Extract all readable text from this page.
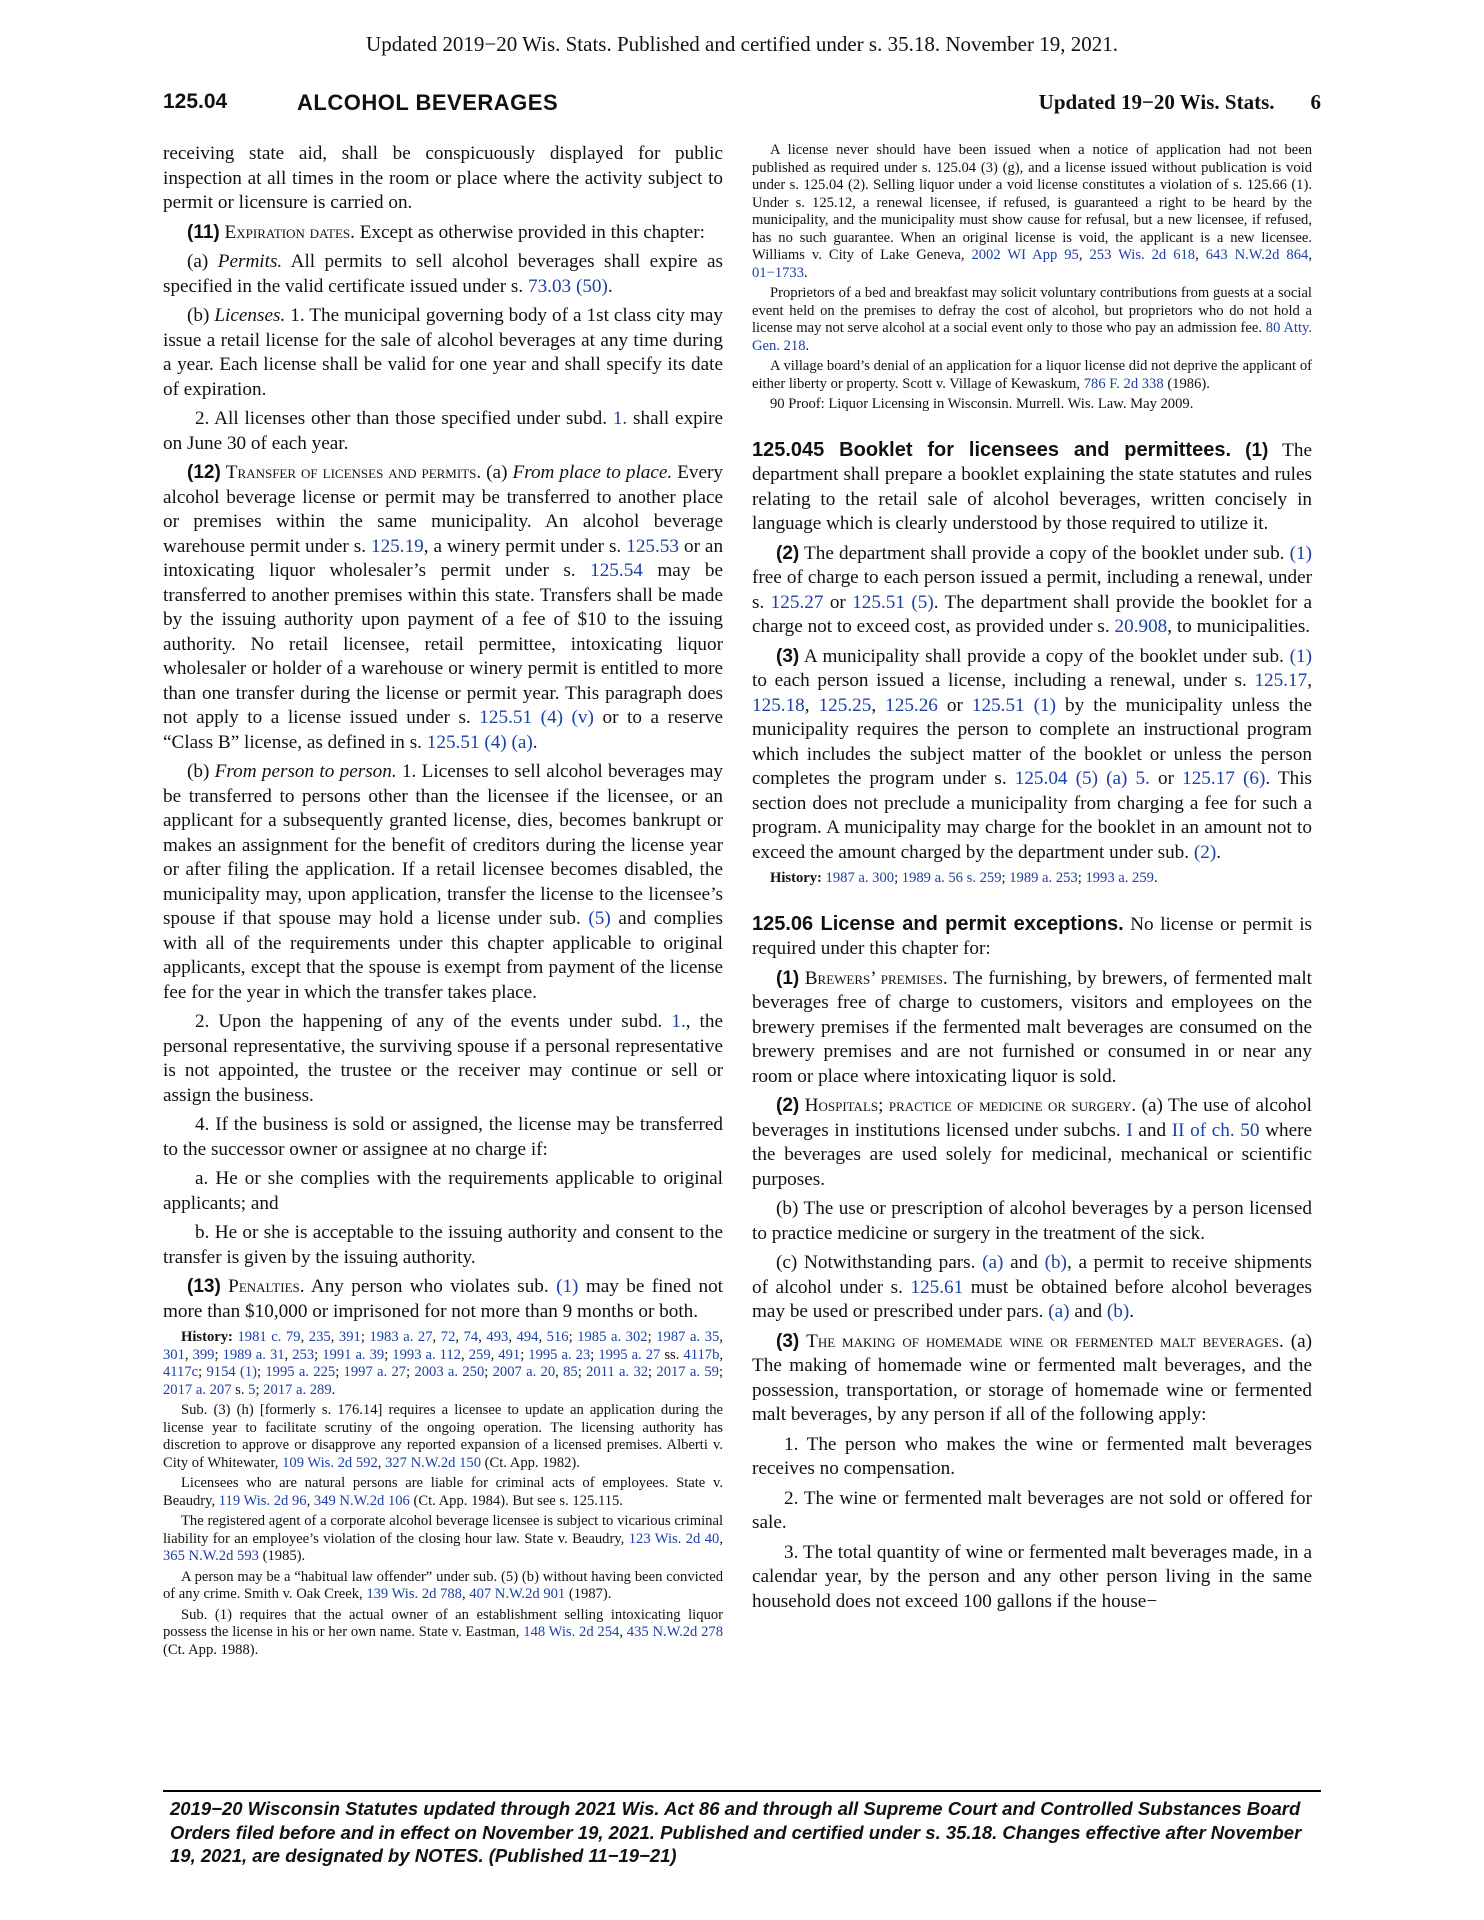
Updated 2019−20 Wis. Stats. Published and certified under s. 35.18. November 19, 2021.
125.04	ALCOHOL BEVERAGES	Updated 19−20 Wis. Stats. 6

receiving state aid, shall be conspicuously displayed for public inspection at all times in the room or place where the activity subject to permit or licensure is carried on.

(11) Expiration dates. Except as otherwise provided in this chapter:

(a) Permits. All permits to sell alcohol beverages shall expire as specified in the valid certificate issued under s. 73.03 (50).

(b) Licenses. 1. The municipal governing body of a 1st class city may issue a retail license for the sale of alcohol beverages at any time during a year. Each license shall be valid for one year and shall specify its date of expiration.

2. All licenses other than those specified under subd. 1. shall expire on June 30 of each year.

(12) Transfer of licenses and permits. (a) From place to place. Every alcohol beverage license or permit may be transferred to another place or premises within the same municipality. An alcohol beverage warehouse permit under s. 125.19, a winery permit under s. 125.53 or an intoxicating liquor wholesaler’s permit under s. 125.54 may be transferred to another premises within this state. Transfers shall be made by the issuing authority upon payment of a fee of $10 to the issuing authority. No retail licensee, retail permittee, intoxicating liquor wholesaler or holder of a warehouse or winery permit is entitled to more than one transfer during the license or permit year. This paragraph does not apply to a license issued under s. 125.51 (4) (v) or to a reserve “Class B” license, as defined in s. 125.51 (4) (a).

(b) From person to person. 1. Licenses to sell alcohol beverages may be transferred to persons other than the licensee if the licensee, or an applicant for a subsequently granted license, dies, becomes bankrupt or makes an assignment for the benefit of creditors during the license year or after filing the application. If a retail licensee becomes disabled, the municipality may, upon application, transfer the license to the licensee’s spouse if that spouse may hold a license under sub. (5) and complies with all of the requirements under this chapter applicable to original applicants, except that the spouse is exempt from payment of the license fee for the year in which the transfer takes place.

2. Upon the happening of any of the events under subd. 1., the personal representative, the surviving spouse if a personal representative is not appointed, the trustee or the receiver may continue or sell or assign the business.

4. If the business is sold or assigned, the license may be transferred to the successor owner or assignee at no charge if:

a. He or she complies with the requirements applicable to original applicants; and

b. He or she is acceptable to the issuing authority and consent to the transfer is given by the issuing authority.

(13) Penalties. Any person who violates sub. (1) may be fined not more than $10,000 or imprisoned for not more than 9 months or both.

History: 1981 c. 79, 235, 391; 1983 a. 27, 72, 74, 493, 494, 516; 1985 a. 302; 1987 a. 35, 301, 399; 1989 a. 31, 253; 1991 a. 39; 1993 a. 112, 259, 491; 1995 a. 23; 1995 a. 27 ss. 4117b, 4117c; 9154 (1); 1995 a. 225; 1997 a. 27; 2003 a. 250; 2007 a. 20, 85; 2011 a. 32; 2017 a. 59; 2017 a. 207 s. 5; 2017 a. 289.

Sub. (3) (h) [formerly s. 176.14] requires a licensee to update an application during the license year to facilitate scrutiny of the ongoing operation. The licensing authority has discretion to approve or disapprove any reported expansion of a licensed premises. Alberti v. City of Whitewater, 109 Wis. 2d 592, 327 N.W.2d 150 (Ct. App. 1982).

Licensees who are natural persons are liable for criminal acts of employees. State v. Beaudry, 119 Wis. 2d 96, 349 N.W.2d 106 (Ct. App. 1984). But see s. 125.115.

The registered agent of a corporate alcohol beverage licensee is subject to vicarious criminal liability for an employee’s violation of the closing hour law. State v. Beaudry, 123 Wis. 2d 40, 365 N.W.2d 593 (1985).

A person may be a “habitual law offender” under sub. (5) (b) without having been convicted of any crime. Smith v. Oak Creek, 139 Wis. 2d 788, 407 N.W.2d 901 (1987).

Sub. (1) requires that the actual owner of an establishment selling intoxicating liquor possess the license in his or her own name. State v. Eastman, 148 Wis. 2d 254, 435 N.W.2d 278 (Ct. App. 1988).

A license never should have been issued when a notice of application had not been published as required under s. 125.04 (3) (g), and a license issued without publication is void under s. 125.04 (2). Selling liquor under a void license constitutes a violation of s. 125.66 (1). Under s. 125.12, a renewal licensee, if refused, is guaranteed a right to be heard by the municipality, and the municipality must show cause for refusal, but a new licensee, if refused, has no such guarantee. When an original license is void, the applicant is a new licensee. Williams v. City of Lake Geneva, 2002 WI App 95, 253 Wis. 2d 618, 643 N.W.2d 864, 01−1733.

Proprietors of a bed and breakfast may solicit voluntary contributions from guests at a social event held on the premises to defray the cost of alcohol, but proprietors who do not hold a license may not serve alcohol at a social event only to those who pay an admission fee. 80 Atty. Gen. 218.

A village board’s denial of an application for a liquor license did not deprive the applicant of either liberty or property. Scott v. Village of Kewaskum, 786 F. 2d 338 (1986).

90 Proof: Liquor Licensing in Wisconsin. Murrell. Wis. Law. May 2009.

125.045 Booklet for licensees and permittees. (1) The department shall prepare a booklet explaining the state statutes and rules relating to the retail sale of alcohol beverages, written concisely in language which is clearly understood by those required to utilize it.

(2) The department shall provide a copy of the booklet under sub. (1) free of charge to each person issued a permit, including a renewal, under s. 125.27 or 125.51 (5). The department shall provide the booklet for a charge not to exceed cost, as provided under s. 20.908, to municipalities.

(3) A municipality shall provide a copy of the booklet under sub. (1) to each person issued a license, including a renewal, under s. 125.17, 125.18, 125.25, 125.26 or 125.51 (1) by the municipality unless the municipality requires the person to complete an instructional program which includes the subject matter of the booklet or unless the person completes the program under s. 125.04 (5) (a) 5. or 125.17 (6). This section does not preclude a municipality from charging a fee for such a program. A municipality may charge for the booklet in an amount not to exceed the amount charged by the department under sub. (2).

History: 1987 a. 300; 1989 a. 56 s. 259; 1989 a. 253; 1993 a. 259.

125.06 License and permit exceptions. No license or permit is required under this chapter for:

(1) Brewers’ premises. The furnishing, by brewers, of fermented malt beverages free of charge to customers, visitors and employees on the brewery premises if the fermented malt beverages are consumed on the brewery premises and are not furnished or consumed in or near any room or place where intoxicating liquor is sold.

(2) Hospitals; practice of medicine or surgery. (a) The use of alcohol beverages in institutions licensed under subchs. I and II of ch. 50 where the beverages are used solely for medicinal, mechanical or scientific purposes.

(b) The use or prescription of alcohol beverages by a person licensed to practice medicine or surgery in the treatment of the sick.

(c) Notwithstanding pars. (a) and (b), a permit to receive shipments of alcohol under s. 125.61 must be obtained before alcohol beverages may be used or prescribed under pars. (a) and (b).

(3) The making of homemade wine or fermented malt beverages. (a) The making of homemade wine or fermented malt beverages, and the possession, transportation, or storage of homemade wine or fermented malt beverages, by any person if all of the following apply:

1. The person who makes the wine or fermented malt beverages receives no compensation.

2. The wine or fermented malt beverages are not sold or offered for sale.

3. The total quantity of wine or fermented malt beverages made, in a calendar year, by the person and any other person living in the same household does not exceed 100 gallons if the house−

2019−20 Wisconsin Statutes updated through 2021 Wis. Act 86 and through all Supreme Court and Controlled Substances Board Orders filed before and in effect on November 19, 2021. Published and certified under s. 35.18. Changes effective after November 19, 2021, are designated by NOTES. (Published 11−19−21)
